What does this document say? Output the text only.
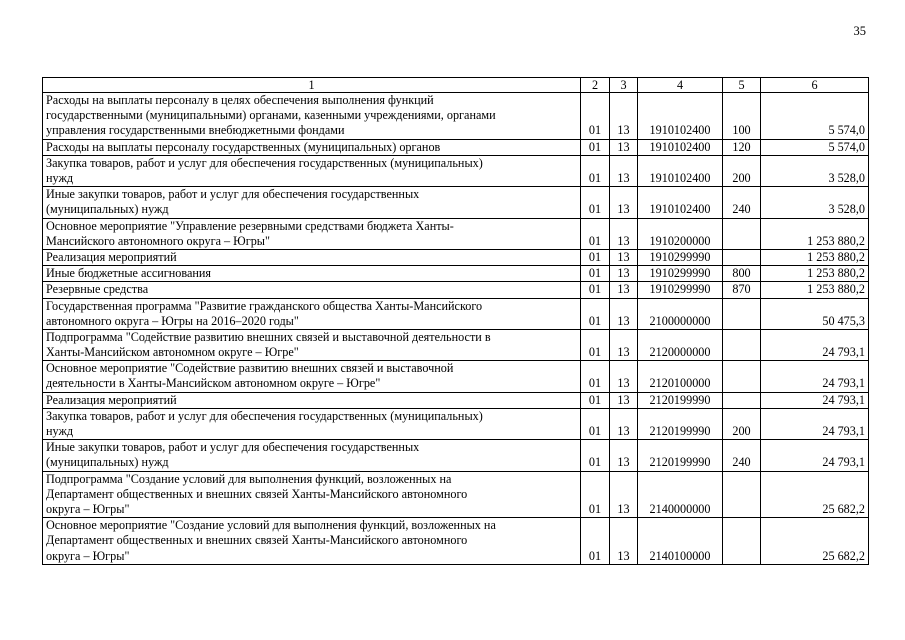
35
1	2	3	4	5	6

Расходы на выплаты персоналу в целях обеспечения выполнения функций
государственными (муниципальными) органами, казенными учреждениями, органами
управления государственными внебюджетными фондами	01	13	1910102400	100	5 574,0

Расходы на выплаты персоналу государственных (муниципальных) органов	01	13	1910102400	120	5 574,0

Закупка товаров, работ и услуг для обеспечения государственных (муниципальных)
нужд	01	13	1910102400	200	3 528,0

Иные закупки товаров, работ и услуг для обеспечения государственных
(муниципальных) нужд	01	13	1910102400	240	3 528,0

Основное мероприятие "Управление резервными средствами бюджета Ханты-
Мансийского автономного округа – Югры"	01	13	1910200000		1 253 880,2

Реализация мероприятий	01	13	1910299990		1 253 880,2

Иные бюджетные ассигнования	01	13	1910299990	800	1 253 880,2

Резервные средства	01	13	1910299990	870	1 253 880,2

Государственная программа "Развитие гражданского общества Ханты-Мансийского
автономного округа – Югры на 2016–2020 годы"	01	13	2100000000		50 475,3

Подпрограмма "Содействие развитию внешних связей и выставочной деятельности в
Ханты-Мансийском автономном округе – Югре"	01	13	2120000000		24 793,1

Основное мероприятие "Содействие развитию внешних связей и выставочной
деятельности в Ханты-Мансийском автономном округе – Югре"	01	13	2120100000		24 793,1

Реализация мероприятий	01	13	2120199990		24 793,1

Закупка товаров, работ и услуг для обеспечения государственных (муниципальных)
нужд	01	13	2120199990	200	24 793,1

Иные закупки товаров, работ и услуг для обеспечения государственных
(муниципальных) нужд	01	13	2120199990	240	24 793,1

Подпрограмма "Создание условий для выполнения функций, возложенных на
Департамент общественных и внешних связей Ханты-Мансийского автономного
округа – Югры"	01	13	2140000000		25 682,2

Основное мероприятие "Создание условий для выполнения функций, возложенных на
Департамент общественных и внешних связей Ханты-Мансийского автономного
округа – Югры"	01	13	2140100000		25 682,2
